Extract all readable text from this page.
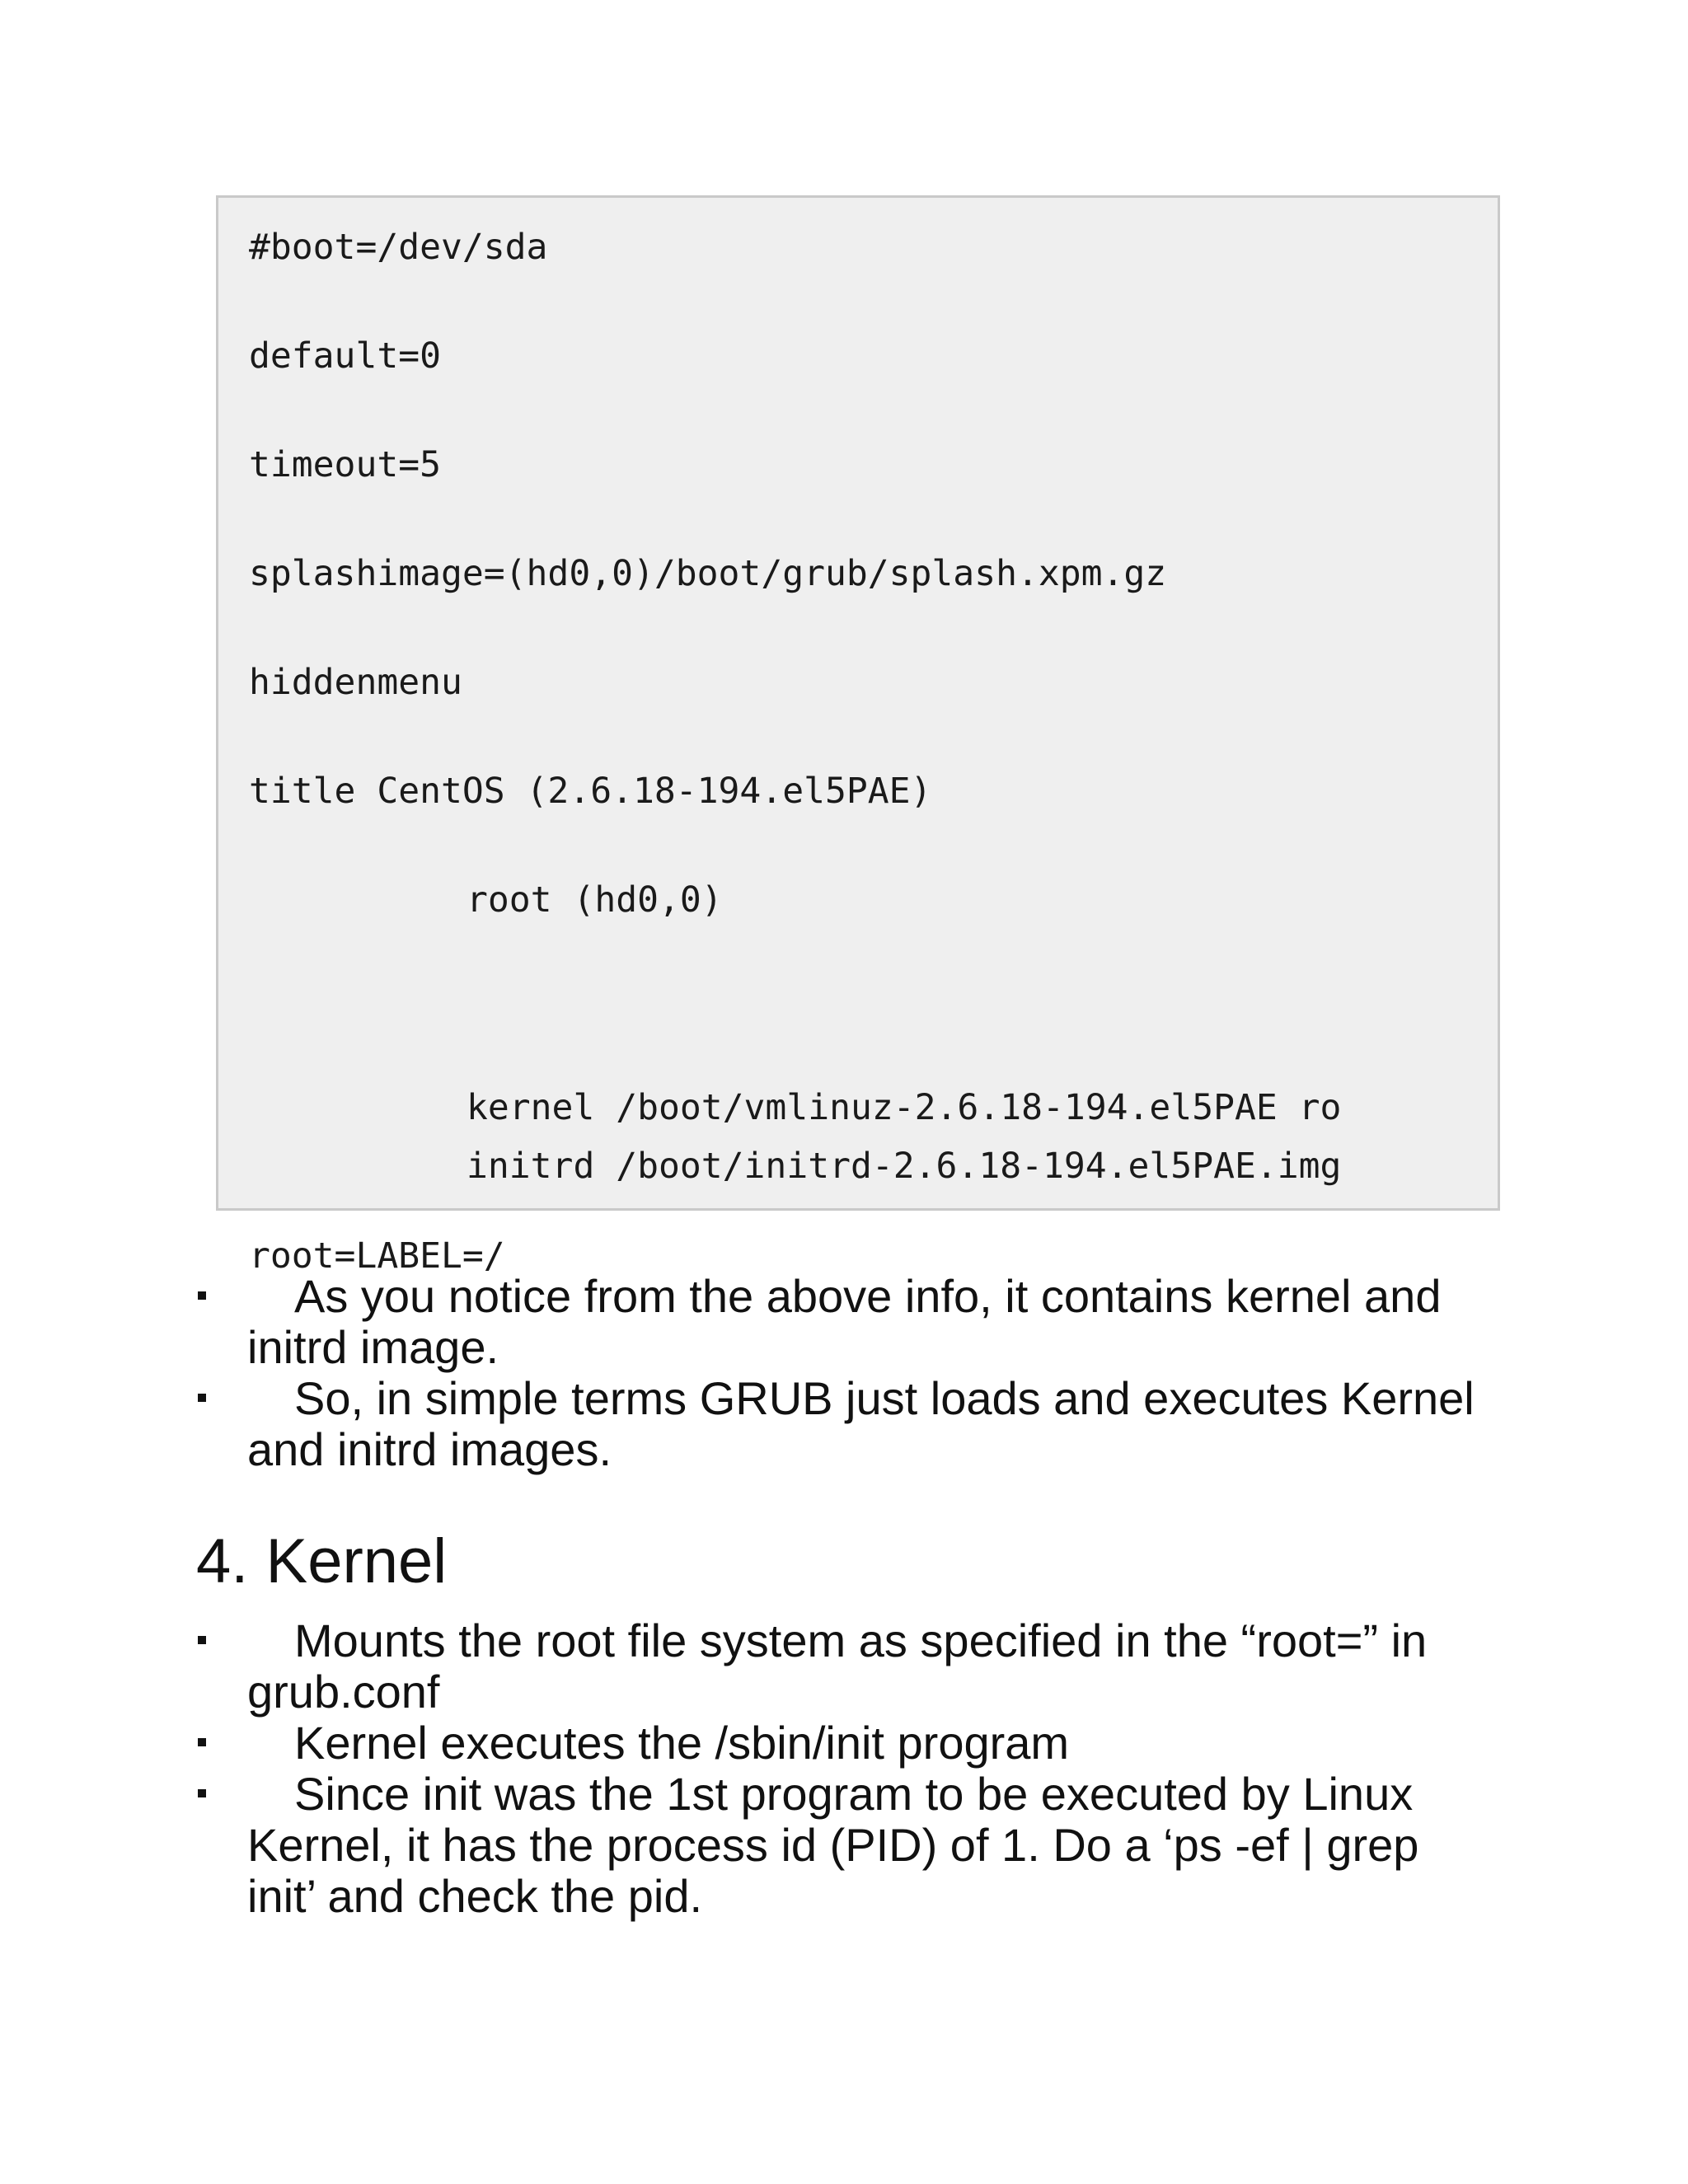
#boot=/dev/sda
default=0
timeout=5
splashimage=(hd0,0)/boot/grub/splash.xpm.gz
hiddenmenu
title CentOS (2.6.18-194.el5PAE)
root (hd0,0)

kernel /boot/vmlinuz-2.6.18-194.el5PAE ro

root=LABEL=/

initrd /boot/initrd-2.6.18-194.el5PAE.img
As you notice from the above info, it contains kernel and initrd image.
So, in simple terms GRUB just loads and executes Kernel and initrd images.
4. Kernel
Mounts the root file system as specified in the “root=” in grub.conf
Kernel executes the /sbin/init program
Since init was the 1st program to be executed by Linux Kernel, it has the process id (PID) of 1. Do a ‘ps -ef | grep init’ and check the pid.
